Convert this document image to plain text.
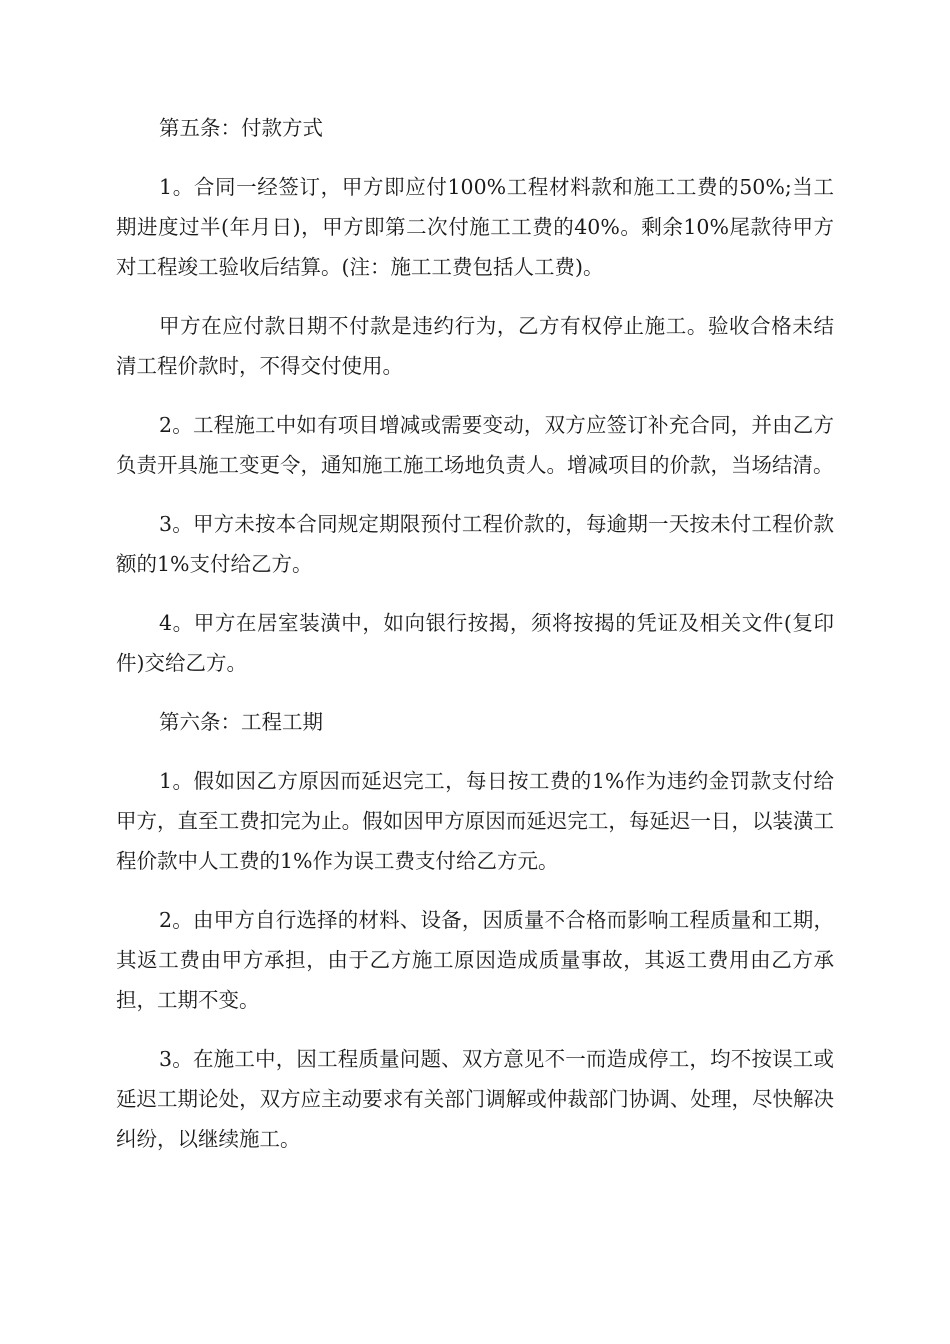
第五条：付款方式

1。合同一经签订，甲方即应付100%工程材料款和施工工费的50%;当工期进度过半(年月日)，甲方即第二次付施工工费的40%。剩余10%尾款待甲方对工程竣工验收后结算。(注：施工工费包括人工费)。

甲方在应付款日期不付款是违约行为，乙方有权停止施工。验收合格未结清工程价款时，不得交付使用。

2。工程施工中如有项目增减或需要变动，双方应签订补充合同，并由乙方负责开具施工变更令，通知施工施工场地负责人。增减项目的价款，当场结清。

3。甲方未按本合同规定期限预付工程价款的，每逾期一天按未付工程价款额的1%支付给乙方。

4。甲方在居室装潢中，如向银行按揭，须将按揭的凭证及相关文件(复印件)交给乙方。

第六条：工程工期

1。假如因乙方原因而延迟完工，每日按工费的1%作为违约金罚款支付给甲方，直至工费扣完为止。假如因甲方原因而延迟完工，每延迟一日，以装潢工程价款中人工费的1%作为误工费支付给乙方元。

2。由甲方自行选择的材料、设备，因质量不合格而影响工程质量和工期，其返工费由甲方承担，由于乙方施工原因造成质量事故，其返工费用由乙方承担，工期不变。

3。在施工中，因工程质量问题、双方意见不一而造成停工，均不按误工或延迟工期论处，双方应主动要求有关部门调解或仲裁部门协调、处理，尽快解决纠纷，以继续施工。
